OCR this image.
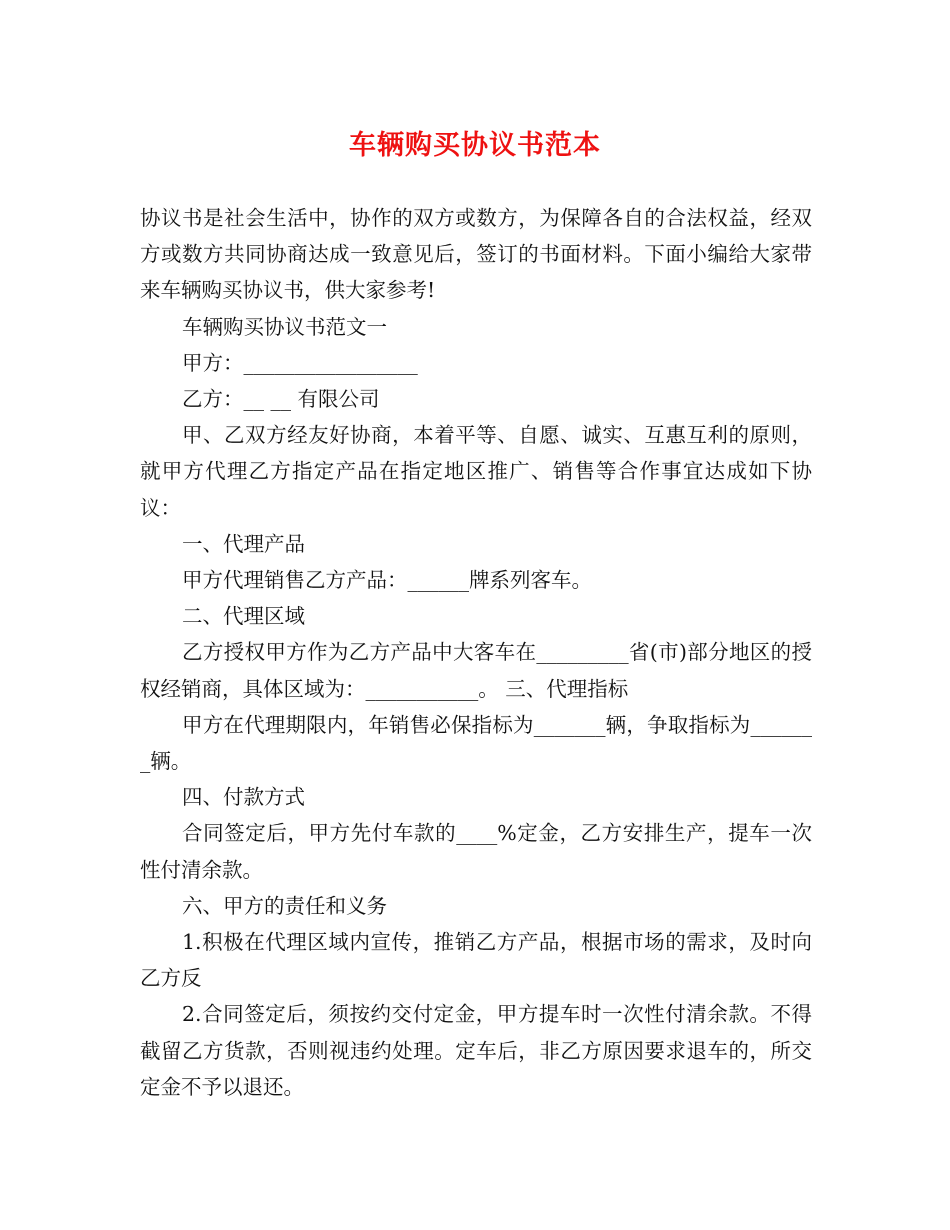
车辆购买协议书范本

协议书是社会生活中，协作的双方或数方，为保障各自的合法权益，经双方或数方共同协商达成一致意见后，签订的书面材料。下面小编给大家带来车辆购买协议书，供大家参考!

车辆购买协议书范文一

甲方：_________________

乙方：__ __ 有限公司

甲、乙双方经友好协商，本着平等、自愿、诚实、互惠互利的原则，就甲方代理乙方指定产品在指定地区推广、销售等合作事宜达成如下协议：

一、代理产品

甲方代理销售乙方产品：______牌系列客车。

二、代理区域

乙方授权甲方作为乙方产品中大客车在_________省(市)部分地区的授权经销商，具体区域为：___________。 三、代理指标

甲方在代理期限内，年销售必保指标为_______辆，争取指标为_______辆。

四、付款方式

合同签定后，甲方先付车款的____%定金，乙方安排生产，提车一次性付清余款。

六、甲方的责任和义务

1.积极在代理区域内宣传，推销乙方产品，根据市场的需求，及时向乙方反

2.合同签定后，须按约交付定金，甲方提车时一次性付清余款。不得截留乙方货款，否则视违约处理。定车后，非乙方原因要求退车的，所交定金不予以退还。
